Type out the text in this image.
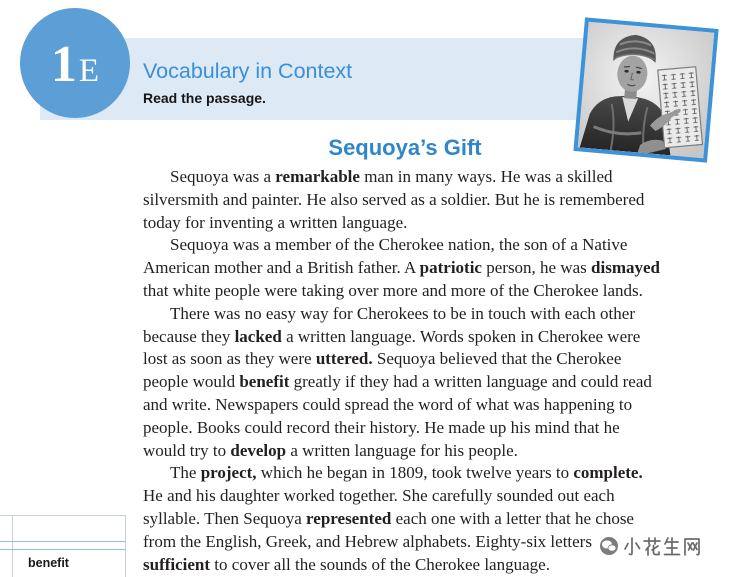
1E Vocabulary in Context
Read the passage.
Sequoya’s Gift
Sequoya was a remarkable man in many ways. He was a skilled
silversmith and painter. He also served as a soldier. But he is remembered
today for inventing a written language.
Sequoya was a member of the Cherokee nation, the son of a Native
American mother and a British father. A patriotic person, he was dismayed
that white people were taking over more and more of the Cherokee lands.
There was no easy way for Cherokees to be in touch with each other
because they lacked a written language. Words spoken in Cherokee were
lost as soon as they were uttered. Sequoya believed that the Cherokee
people would benefit greatly if they had a written language and could read
and write. Newspapers could spread the word of what was happening to
people. Books could record their history. He made up his mind that he
would try to develop a written language for his people.
The project, which he began in 1809, took twelve years to complete.
He and his daughter worked together. She carefully sounded out each
syllable. Then Sequoya represented each one with a letter that he chose
from the English, Greek, and Hebrew alphabets. Eighty-six letters
sufficient to cover all the sounds of the Cherokee language.
benefit
